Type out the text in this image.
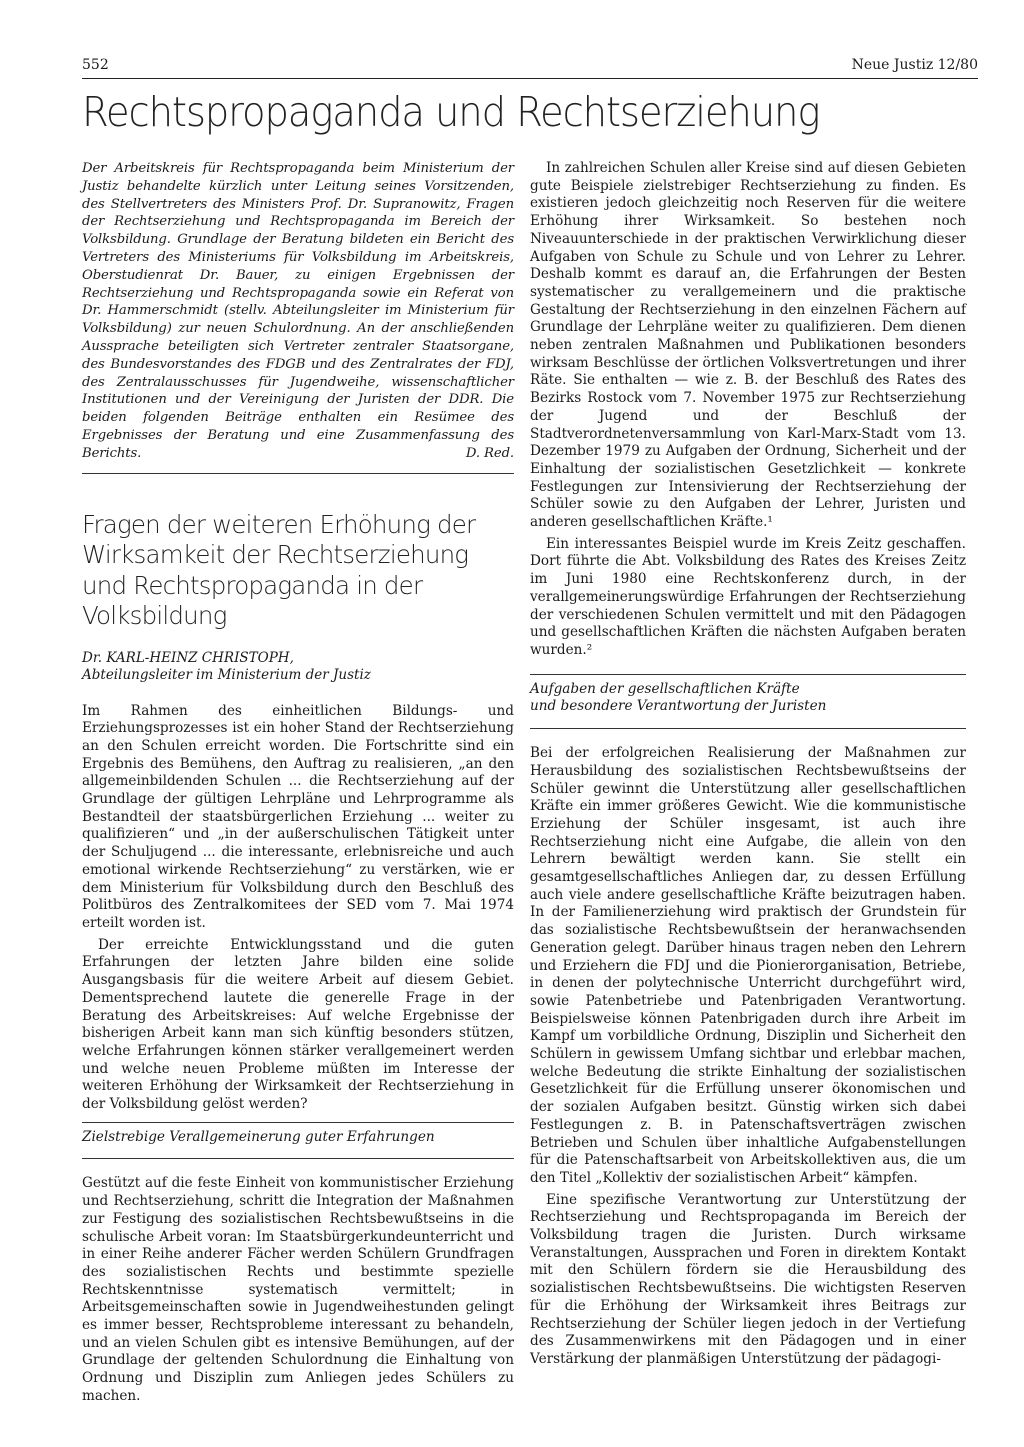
552	Neue Justiz 12/80
Rechtspropaganda und Rechtserziehung

Der Arbeitskreis für Rechtspropaganda beim Ministerium der Justiz behandelte kürzlich unter Leitung seines Vorsitzenden, des Stellvertreters des Ministers Prof. Dr. Supranowitz, Fragen der Rechtserziehung und Rechtspropaganda im Bereich der Volksbildung. Grundlage der Beratung bildeten ein Bericht des Vertreters des Ministeriums für Volksbildung im Arbeitskreis, Oberstudienrat Dr. Bauer, zu einigen Ergebnissen der Rechtserziehung und Rechtspropaganda sowie ein Referat von Dr. Hammerschmidt (stellv. Abteilungsleiter im Ministerium für Volksbildung) zur neuen Schulordnung. An der anschließenden Aussprache beteiligten sich Vertreter zentraler Staatsorgane, des Bundesvorstandes des FDGB und des Zentralrates der FDJ, des Zentralausschusses für Jugendweihe, wissenschaftlicher Institutionen und der Vereinigung der Juristen der DDR. Die beiden folgenden Beiträge enthalten ein Resümee des Ergebnisses der Beratung und eine Zusammenfassung des Berichts.	D. Red.

Fragen der weiteren Erhöhung der Wirksamkeit der Rechtserziehung und Rechtspropaganda in der Volksbildung
Dr. KARL-HEINZ CHRISTOPH,
Abteilungsleiter im Ministerium der Justiz

Im Rahmen des einheitlichen Bildungs- und Erziehungsprozesses ist ein hoher Stand der Rechtserziehung an den Schulen erreicht worden. Die Fortschritte sind ein Ergebnis des Bemühens, den Auftrag zu realisieren, „an den allgemeinbildenden Schulen ... die Rechtserziehung auf der Grundlage der gültigen Lehrpläne und Lehrprogramme als Bestandteil der staatsbürgerlichen Erziehung ... weiter zu qualifizieren“ und „in der außerschulischen Tätigkeit unter der Schuljugend ... die interessante, erlebnisreiche und auch emotional wirkende Rechtserziehung“ zu verstärken, wie er dem Ministerium für Volksbildung durch den Beschluß des Politbüros des Zentralkomitees der SED vom 7. Mai 1974 erteilt worden ist.

Der erreichte Entwicklungsstand und die guten Erfahrungen der letzten Jahre bilden eine solide Ausgangsbasis für die weitere Arbeit auf diesem Gebiet. Dementsprechend lautete die generelle Frage in der Beratung des Arbeitskreises: Auf welche Ergebnisse der bisherigen Arbeit kann man sich künftig besonders stützen, welche Erfahrungen können stärker verallgemeinert werden und welche neuen Probleme müßten im Interesse der weiteren Erhöhung der Wirksamkeit der Rechtserziehung in der Volksbildung gelöst werden?

Zielstrebige Verallgemeinerung guter Erfahrungen

Gestützt auf die feste Einheit von kommunistischer Erziehung und Rechtserziehung, schritt die Integration der Maßnahmen zur Festigung des sozialistischen Rechtsbewußtseins in die schulische Arbeit voran: Im Staatsbürgerkundeunterricht und in einer Reihe anderer Fächer werden Schülern Grundfragen des sozialistischen Rechts und bestimmte spezielle Rechtskenntnisse systematisch vermittelt; in Arbeitsgemeinschaften sowie in Jugendweihestunden gelingt es immer besser, Rechtsprobleme interessant zu behandeln, und an vielen Schulen gibt es intensive Bemühungen, auf der Grundlage der geltenden Schulordnung die Einhaltung von Ordnung und Disziplin zum Anliegen jedes Schülers zu machen.

In zahlreichen Schulen aller Kreise sind auf diesen Gebieten gute Beispiele zielstrebiger Rechtserziehung zu finden. Es existieren jedoch gleichzeitig noch Reserven für die weitere Erhöhung ihrer Wirksamkeit. So bestehen noch Niveauunterschiede in der praktischen Verwirklichung dieser Aufgaben von Schule zu Schule und von Lehrer zu Lehrer. Deshalb kommt es darauf an, die Erfahrungen der Besten systematischer zu verallgemeinern und die praktische Gestaltung der Rechtserziehung in den einzelnen Fächern auf Grundlage der Lehrpläne weiter zu qualifizieren. Dem dienen neben zentralen Maßnahmen und Publikationen besonders wirksam Beschlüsse der örtlichen Volksvertretungen und ihrer Räte. Sie enthalten — wie z. B. der Beschluß des Rates des Bezirks Rostock vom 7. November 1975 zur Rechtserziehung der Jugend und der Beschluß der Stadtverordnetenversammlung von Karl-Marx-Stadt vom 13. Dezember 1979 zu Aufgaben der Ordnung, Sicherheit und der Einhaltung der sozialistischen Gesetzlichkeit — konkrete Festlegungen zur Intensivierung der Rechtserziehung der Schüler sowie zu den Aufgaben der Lehrer, Juristen und anderen gesellschaftlichen Kräfte.¹

Ein interessantes Beispiel wurde im Kreis Zeitz geschaffen. Dort führte die Abt. Volksbildung des Rates des Kreises Zeitz im Juni 1980 eine Rechtskonferenz durch, in der verallgemeinerungswürdige Erfahrungen der Rechtserziehung der verschiedenen Schulen vermittelt und mit den Pädagogen und gesellschaftlichen Kräften die nächsten Aufgaben beraten wurden.²

Aufgaben der gesellschaftlichen Kräfte
und besondere Verantwortung der Juristen

Bei der erfolgreichen Realisierung der Maßnahmen zur Herausbildung des sozialistischen Rechtsbewußtseins der Schüler gewinnt die Unterstützung aller gesellschaftlichen Kräfte ein immer größeres Gewicht. Wie die kommunistische Erziehung der Schüler insgesamt, ist auch ihre Rechtserziehung nicht eine Aufgabe, die allein von den Lehrern bewältigt werden kann. Sie stellt ein gesamtgesellschaftliches Anliegen dar, zu dessen Erfüllung auch viele andere gesellschaftliche Kräfte beizutragen haben. In der Familienerziehung wird praktisch der Grundstein für das sozialistische Rechtsbewußtsein der heranwachsenden Generation gelegt. Darüber hinaus tragen neben den Lehrern und Erziehern die FDJ und die Pionierorganisation, Betriebe, in denen der polytechnische Unterricht durchgeführt wird, sowie Patenbetriebe und Patenbrigaden Verantwortung. Beispielsweise können Patenbrigaden durch ihre Arbeit im Kampf um vorbildliche Ordnung, Disziplin und Sicherheit den Schülern in gewissem Umfang sichtbar und erlebbar machen, welche Bedeutung die strikte Einhaltung der sozialistischen Gesetzlichkeit für die Erfüllung unserer ökonomischen und der sozialen Aufgaben besitzt. Günstig wirken sich dabei Festlegungen z. B. in Patenschaftsverträgen zwischen Betrieben und Schulen über inhaltliche Aufgabenstellungen für die Patenschaftsarbeit von Arbeitskollektiven aus, die um den Titel „Kollektiv der sozialistischen Arbeit“ kämpfen.

Eine spezifische Verantwortung zur Unterstützung der Rechtserziehung und Rechtspropaganda im Bereich der Volksbildung tragen die Juristen. Durch wirksame Veranstaltungen, Aussprachen und Foren in direktem Kontakt mit den Schülern fördern sie die Herausbildung des sozialistischen Rechtsbewußtseins. Die wichtigsten Reserven für die Erhöhung der Wirksamkeit ihres Beitrags zur Rechtserziehung der Schüler liegen jedoch in der Vertiefung des Zusammenwirkens mit den Pädagogen und in einer Verstärkung der planmäßigen Unterstützung der pädagogi-
